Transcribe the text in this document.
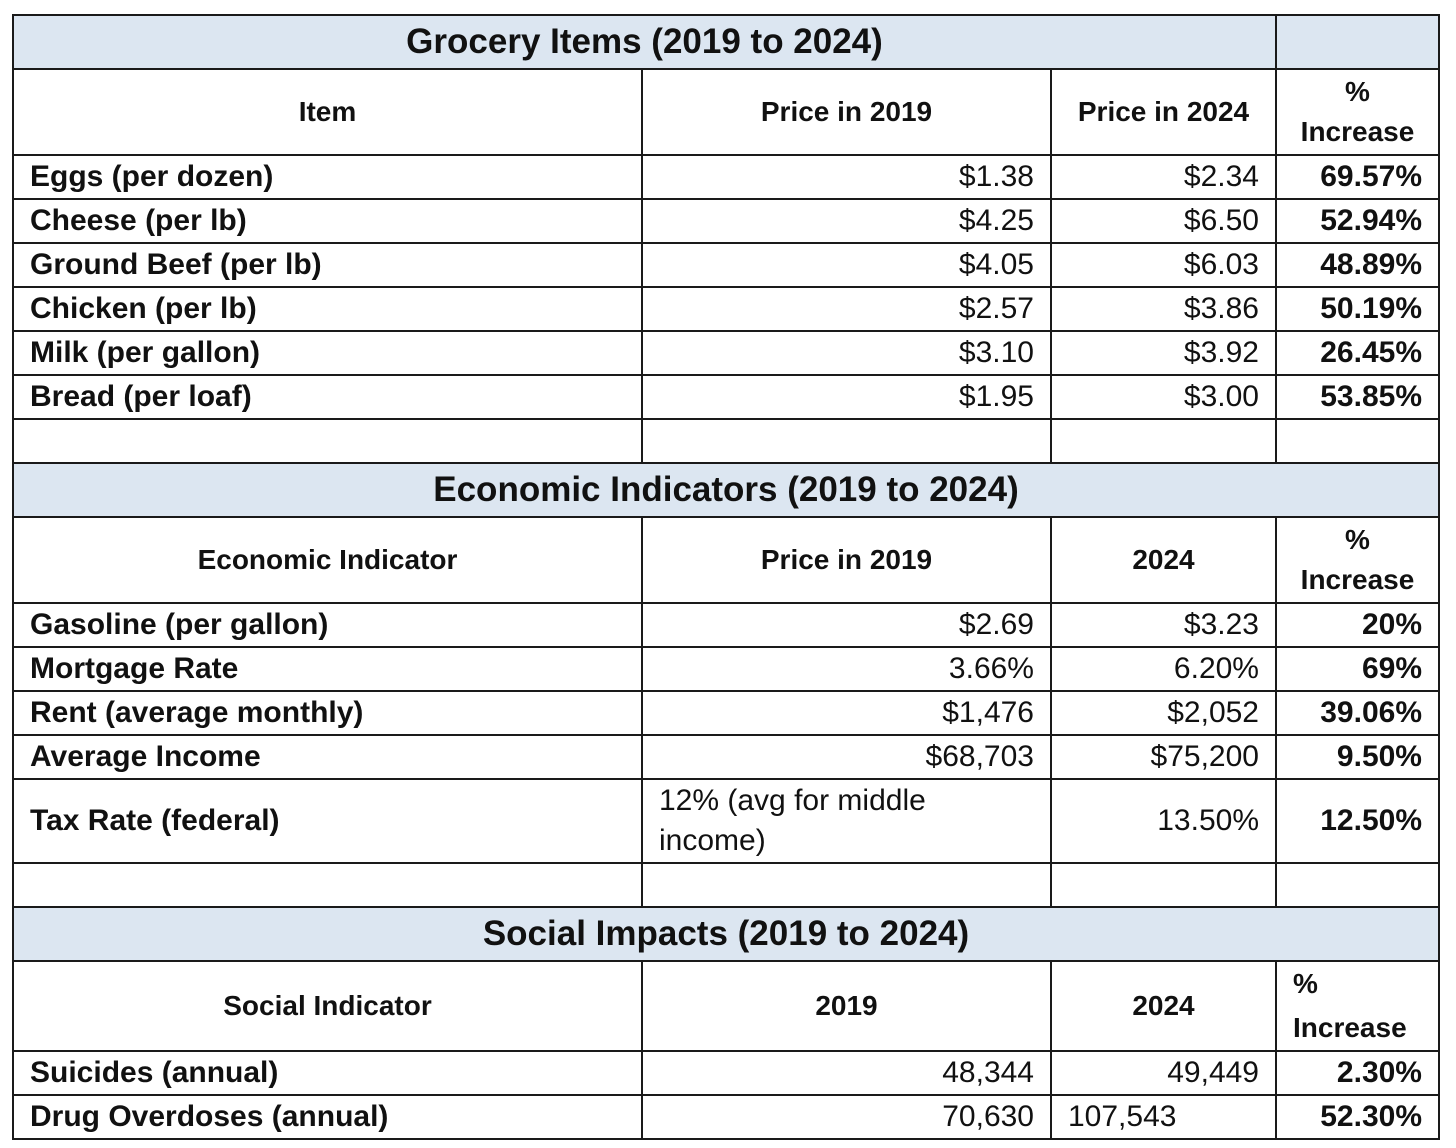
Grocery Items (2019 to 2024)			
Item	Price in 2019	Price in 2024	%
Increase

Eggs (per dozen)	$1.38	$2.34	69.57%
Cheese (per lb)	$4.25	$6.50	52.94%
Ground Beef (per lb)	$4.05	$6.03	48.89%
Chicken (per lb)	$2.57	$3.86	50.19%
Milk (per gallon)	$3.10	$3.92	26.45%
Bread (per loaf)	$1.95	$3.00	53.85%

Economic Indicators (2019 to 2024)			
Economic Indicator	Price in 2019	2024	%
Increase

Gasoline (per gallon)	$2.69	$3.23	20%
Mortgage Rate	3.66%	6.20%	69%
Rent (average monthly)	$1,476	$2,052	39.06%
Average Income	$68,703	$75,200	9.50%
Tax Rate (federal)	12% (avg for middle
income)	13.50%	12.50%

Social Impacts (2019 to 2024)			
Social Indicator	2019	2024	%
Increase

Suicides (annual)	48,344	49,449	2.30%
Drug Overdoses (annual)	70,630	107,543	52.30%
